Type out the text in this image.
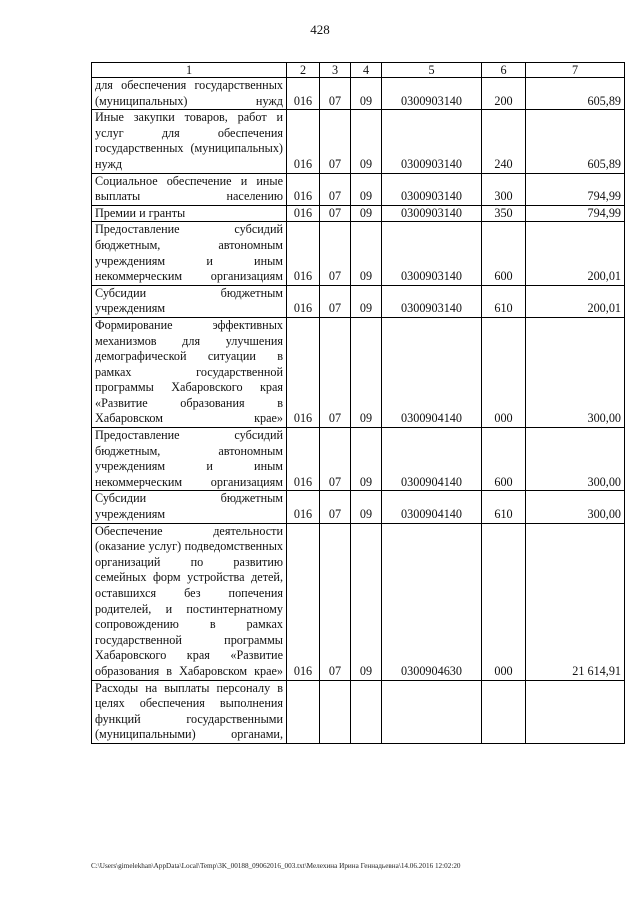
428
1	2	3	4	5	6	7
для обеспечения государственных (муниципальных) нужд	016	07	09	0300903140	200	605,89
Иные закупки товаров, работ и услуг для обеспечения государственных (муниципальных) нужд	016	07	09	0300903140	240	605,89
Социальное обеспечение и иные выплаты населению	016	07	09	0300903140	300	794,99
Премии и гранты	016	07	09	0300903140	350	794,99
Предоставление субсидий бюджетным, автономным учреждениям и иным некоммерческим организациям	016	07	09	0300903140	600	200,01
Субсидии бюджетным учреждениям	016	07	09	0300903140	610	200,01
Формирование эффективных механизмов для улучшения демографической ситуации в рамках государственной программы Хабаровского края «Развитие образования в Хабаровском крае»	016	07	09	0300904140	000	300,00
Предоставление субсидий бюджетным, автономным учреждениям и иным некоммерческим организациям	016	07	09	0300904140	600	300,00
Субсидии бюджетным учреждениям	016	07	09	0300904140	610	300,00
Обеспечение деятельности (оказание услуг) подведомственных организаций по развитию семейных форм устройства детей, оставшихся без попечения родителей, и постинтернатному сопровождению в рамках государственной программы Хабаровского края «Развитие образования в Хабаровском крае»	016	07	09	0300904630	000	21 614,91
Расходы на выплаты персоналу в целях обеспечения выполнения функций государственными (муниципальными) органами,						
C:\Users\gimelekhan\AppData\Local\Temp\3K_00188_09062016_003.txt\Мелехина Ирина Геннадьевна\14.06.2016 12:02:20
